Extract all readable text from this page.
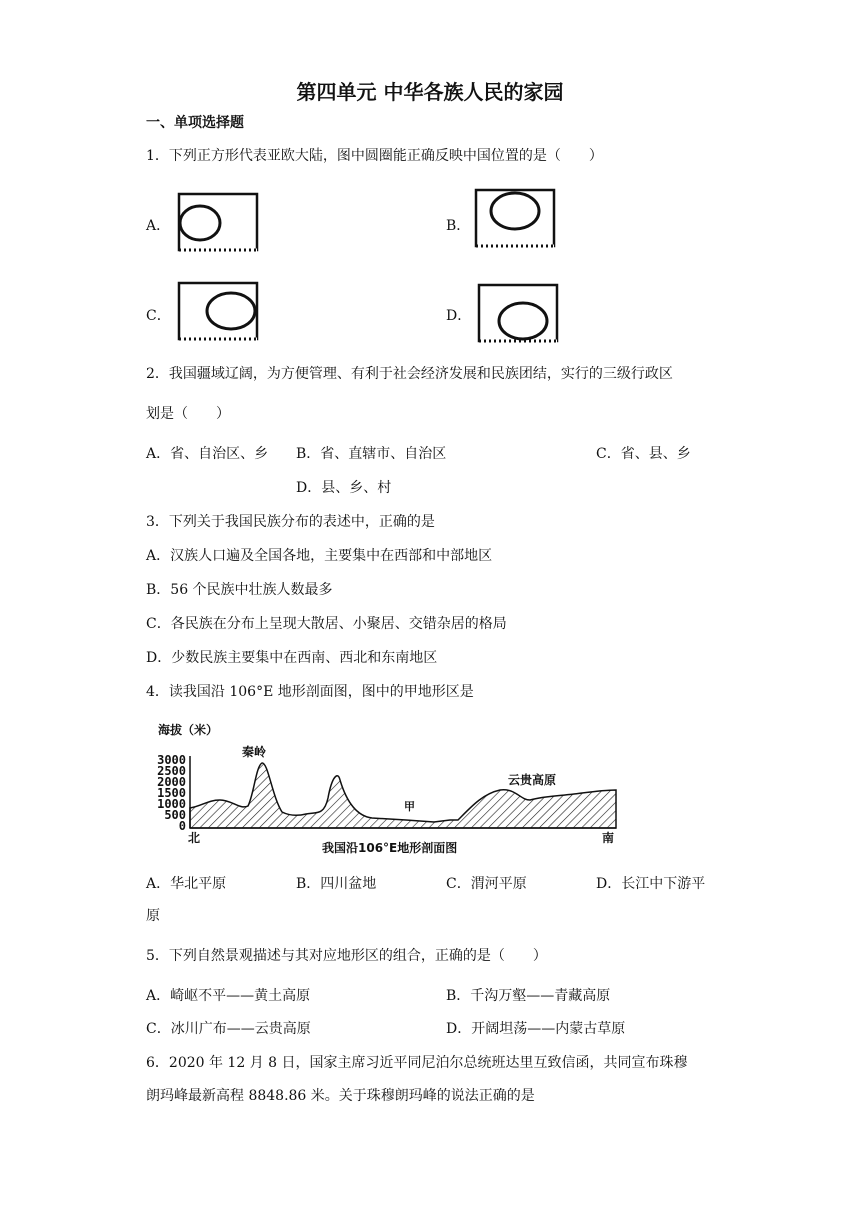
第四单元 中华各族人民的家园
一、单项选择题
1．下列正方形代表亚欧大陆，图中圆圈能正确反映中国位置的是（　　）
A．	B．
C．	D．
2．我国疆域辽阔，为方便管理、有利于社会经济发展和民族团结，实行的三级行政区
划是（　　）
A．省、自治区、乡 B．省、直辖市、自治区	C．省、县、乡
D．县、乡、村
3．下列关于我国民族分布的表述中，正确的是
A．汉族人口遍及全国各地，主要集中在西部和中部地区
B．56 个民族中壮族人数最多
C．各民族在分布上呈现大散居、小聚居、交错杂居的格局
D．少数民族主要集中在西南、西北和东南地区
4．读我国沿 106°E 地形剖面图，图中的甲地形区是
海拔（米）
3000
2500
2000
1500
1000
500
0
秦岭
甲
云贵高原
北	南
我国沿106°E地形剖面图
A．华北平原	B．四川盆地	C．渭河平原	D．长江中下游平
原
5．下列自然景观描述与其对应地形区的组合，正确的是（　　）
A．崎岖不平——黄土高原	B．千沟万壑——青藏高原
C．冰川广布——云贵高原	D．开阔坦荡——内蒙古草原
6．2020 年 12 月 8 日，国家主席习近平同尼泊尔总统班达里互致信函，共同宣布珠穆
朗玛峰最新高程 8848.86 米。关于珠穆朗玛峰的说法正确的是
